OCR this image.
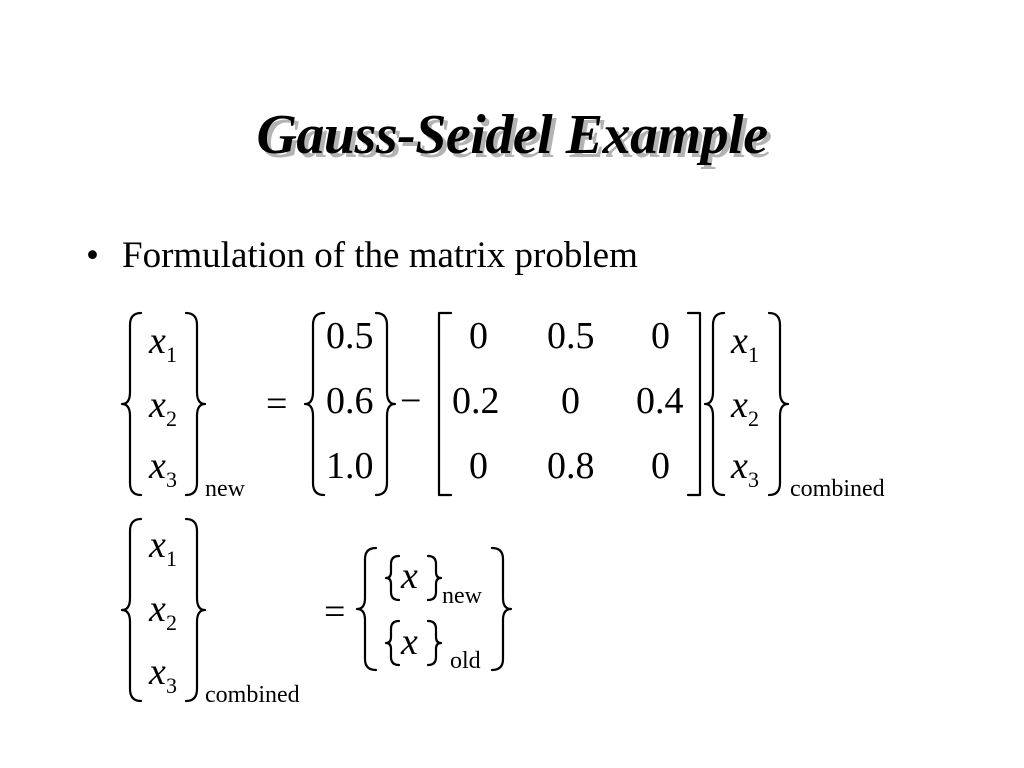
Gauss-Seidel Example
• Formulation of the matrix problem
x 1
x 2
x 3 new
=
0.5
0.6
1.0
−
0 0.5 0
0.2 0 0.4
0 0.8 0
x 1
x 2
x 3 combined
x 1
x 2
x 3 combined
=
x new
x old
